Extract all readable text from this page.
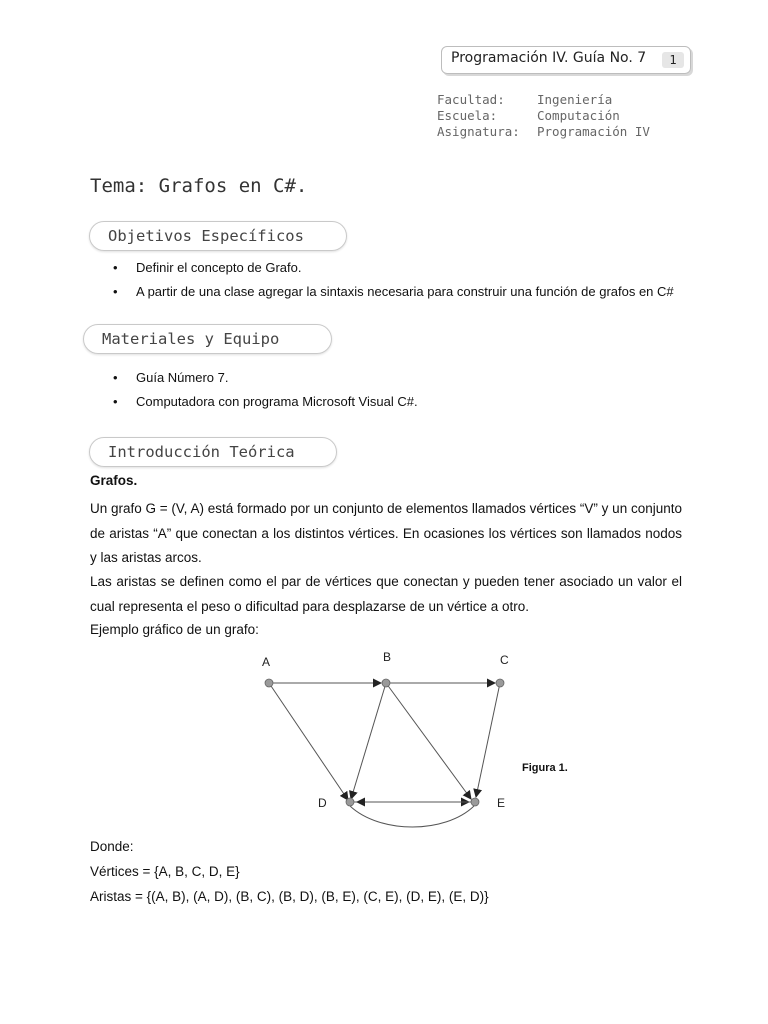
Programación IV. Guía No. 7	1
Facultad:	Ingeniería
Escuela:	Computación
Asignatura:	Programación IV
Tema: Grafos en C#.
Objetivos Específicos
• Definir el concepto de Grafo.
• A partir de una clase agregar la sintaxis necesaria para construir una función de grafos en C#
Materiales y Equipo
• Guía Número 7.
• Computadora con programa Microsoft Visual C#.
Introducción Teórica
Grafos.
Un grafo G = (V, A) está formado por un conjunto de elementos llamados vértices “V” y un conjunto de aristas “A” que conectan a los distintos vértices. En ocasiones los vértices son llamados nodos y las aristas arcos.
Las aristas se definen como el par de vértices que conectan y pueden tener asociado un valor el cual representa el peso o dificultad para desplazarse de un vértice a otro.
Ejemplo gráfico de un grafo:
A	B	C
D	E
Figura 1.
Donde:
Vértices = {A, B, C, D, E}
Aristas = {(A, B), (A, D), (B, C), (B, D), (B, E), (C, E), (D, E), (E, D)}
